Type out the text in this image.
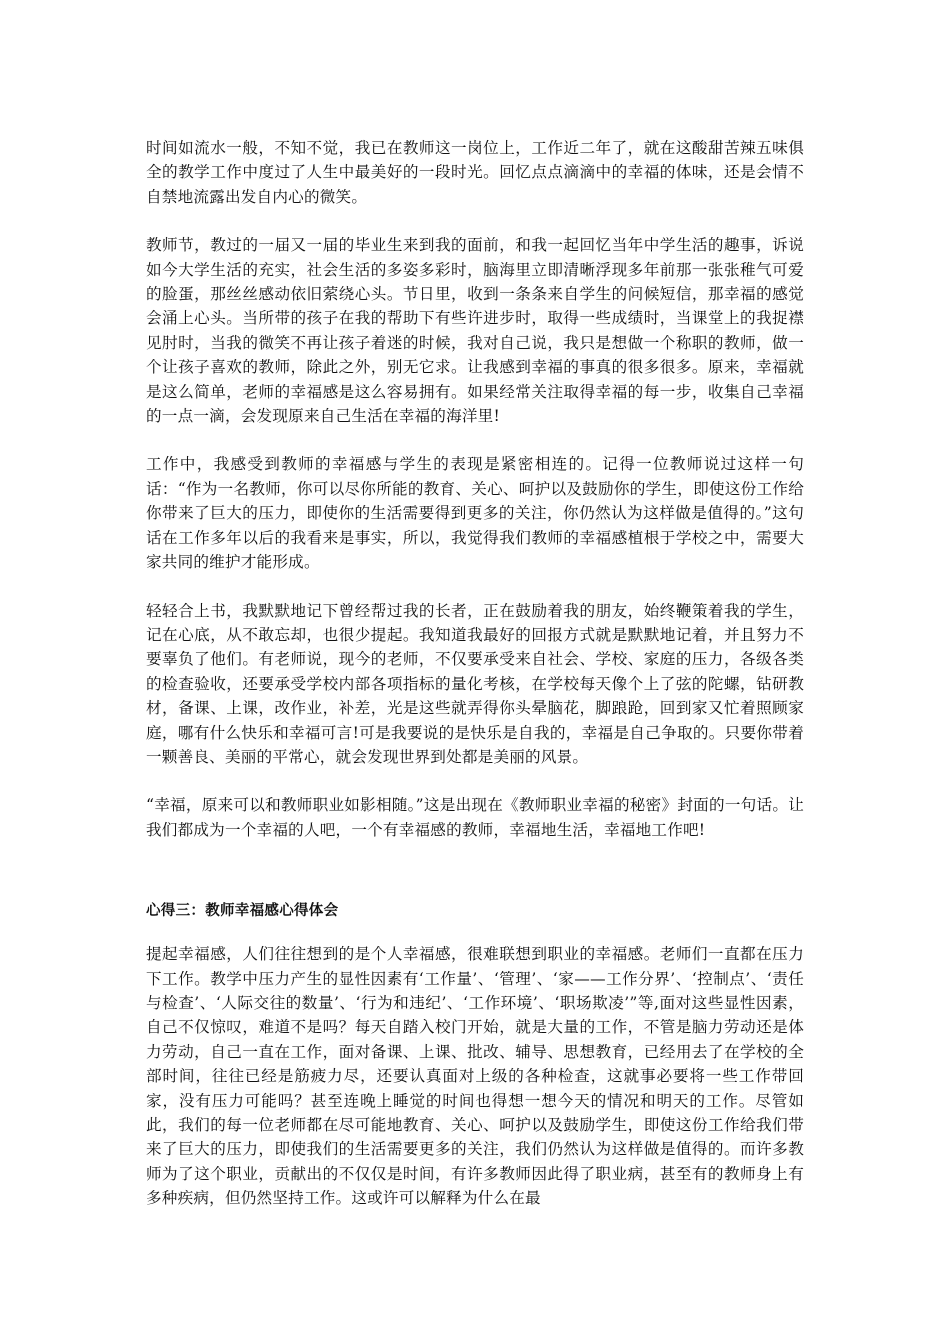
时间如流水一般，不知不觉，我已在教师这一岗位上，工作近二年了，就在这酸甜苦辣五味俱全的教学工作中度过了人生中最美好的一段时光。回忆点点滴滴中的幸福的体味，还是会情不自禁地流露出发自内心的微笑。

教师节，教过的一届又一届的毕业生来到我的面前，和我一起回忆当年中学生活的趣事，诉说如今大学生活的充实，社会生活的多姿多彩时，脑海里立即清晰浮现多年前那一张张稚气可爱的脸蛋，那丝丝感动依旧萦绕心头。节日里，收到一条条来自学生的问候短信，那幸福的感觉会涌上心头。当所带的孩子在我的帮助下有些许进步时，取得一些成绩时，当课堂上的我捉襟见肘时，当我的微笑不再让孩子着迷的时候，我对自己说，我只是想做一个称职的教师，做一个让孩子喜欢的教师，除此之外，别无它求。让我感到幸福的事真的很多很多。原来，幸福就是这么简单，老师的幸福感是这么容易拥有。如果经常关注取得幸福的每一步，收集自己幸福的一点一滴，会发现原来自己生活在幸福的海洋里!

工作中，我感受到教师的幸福感与学生的表现是紧密相连的。记得一位教师说过这样一句话：“作为一名教师，你可以尽你所能的教育、关心、呵护以及鼓励你的学生，即使这份工作给你带来了巨大的压力，即使你的生活需要得到更多的关注，你仍然认为这样做是值得的。”这句话在工作多年以后的我看来是事实，所以，我觉得我们教师的幸福感植根于学校之中，需要大家共同的维护才能形成。

轻轻合上书，我默默地记下曾经帮过我的长者，正在鼓励着我的朋友，始终鞭策着我的学生，记在心底，从不敢忘却，也很少提起。我知道我最好的回报方式就是默默地记着，并且努力不要辜负了他们。有老师说，现今的老师，不仅要承受来自社会、学校、家庭的压力，各级各类的检查验收，还要承受学校内部各项指标的量化考核，在学校每天像个上了弦的陀螺，钻研教材，备课、上课，改作业，补差，光是这些就弄得你头晕脑花，脚踉跄，回到家又忙着照顾家庭，哪有什么快乐和幸福可言!可是我要说的是快乐是自我的，幸福是自己争取的。只要你带着一颗善良、美丽的平常心，就会发现世界到处都是美丽的风景。

“幸福，原来可以和教师职业如影相随。”这是出现在《教师职业幸福的秘密》封面的一句话。让我们都成为一个幸福的人吧，一个有幸福感的教师，幸福地生活，幸福地工作吧!

心得三：教师幸福感心得体会

提起幸福感，人们往往想到的是个人幸福感，很难联想到职业的幸福感。老师们一直都在压力下工作。教学中压力产生的显性因素有‘工作量’、‘管理’、‘家——工作分界’、‘控制点’、‘责任与检查’、‘人际交往的数量’、‘行为和违纪’、‘工作环境’、‘职场欺凌’”等,面对这些显性因素，自己不仅惊叹，难道不是吗？每天自踏入校门开始，就是大量的工作，不管是脑力劳动还是体力劳动，自己一直在工作，面对备课、上课、批改、辅导、思想教育，已经用去了在学校的全部时间，往往已经是筋疲力尽，还要认真面对上级的各种检查，这就事必要将一些工作带回家，没有压力可能吗？甚至连晚上睡觉的时间也得想一想今天的情况和明天的工作。尽管如此，我们的每一位老师都在尽可能地教育、关心、呵护以及鼓励学生，即使这份工作给我们带来了巨大的压力，即使我们的生活需要更多的关注，我们仍然认为这样做是值得的。而许多教师为了这个职业，贡献出的不仅仅是时间，有许多教师因此得了职业病，甚至有的教师身上有多种疾病，但仍然坚持工作。这或许可以解释为什么在最
